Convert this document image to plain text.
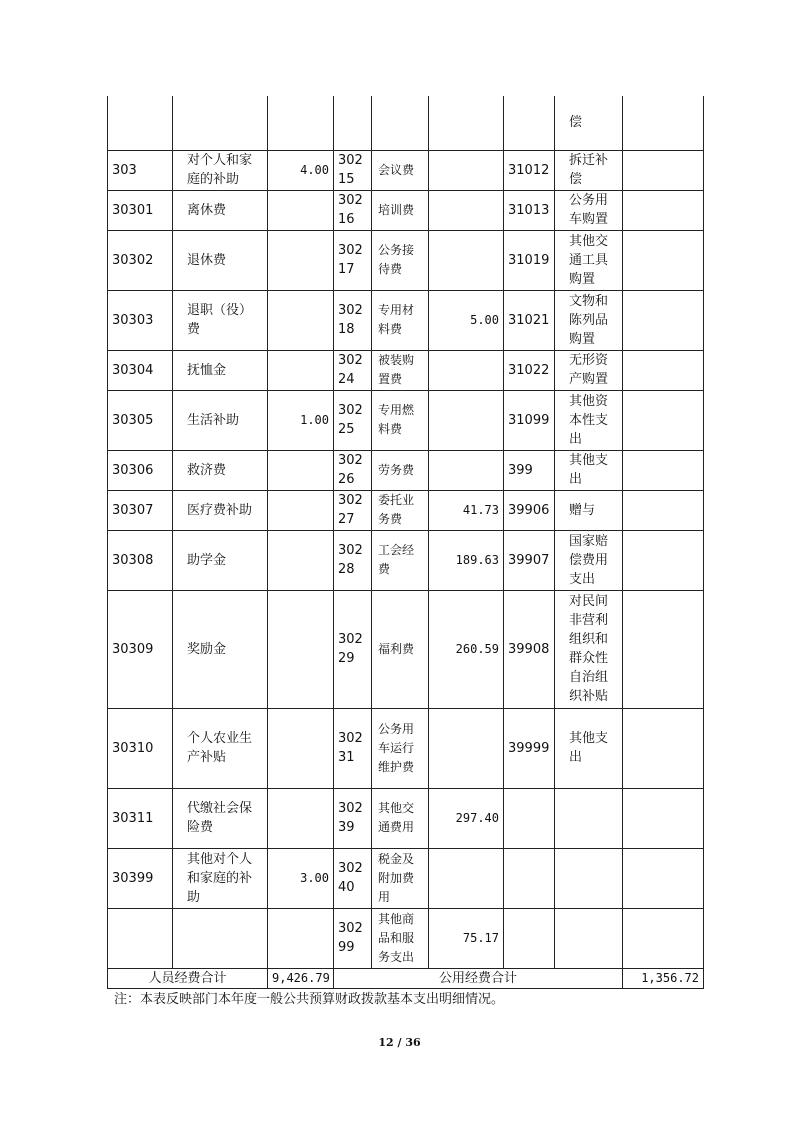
							偿	
303	对个人和家庭的补助	4.00	302 15	会议费		31012	拆迁补偿	
30301	离休费		302 16	培训费		31013	公务用车购置	
30302	退休费		302 17	公务接待费		31019	其他交通工具购置	
30303	退职（役）费		302 18	专用材料费	5.00	31021	文物和陈列品购置	
30304	抚恤金		302 24	被装购置费		31022	无形资产购置	
30305	生活补助	1.00	302 25	专用燃料费		31099	其他资本性支出	
30306	救济费		302 26	劳务费		399	其他支出	
30307	医疗费补助		302 27	委托业务费	41.73	39906	赠与	
30308	助学金		302 28	工会经费	189.63	39907	国家赔偿费用支出	
30309	奖励金		302 29	福利费	260.59	39908	对民间非营利组织和群众性自治组织补贴	
30310	个人农业生产补贴		302 31	公务用车运行维护费		39999	其他支出	
30311	代缴社会保险费		302 39	其他交通费用	297.40			
30399	其他对个人和家庭的补助	3.00	302 40	税金及附加费用				
			302 99	其他商品和服务支出	75.17			
人员经费合计		9,426.79	公用经费合计					1,356.72
注：本表反映部门本年度一般公共预算财政拨款基本支出明细情况。
12 / 36
